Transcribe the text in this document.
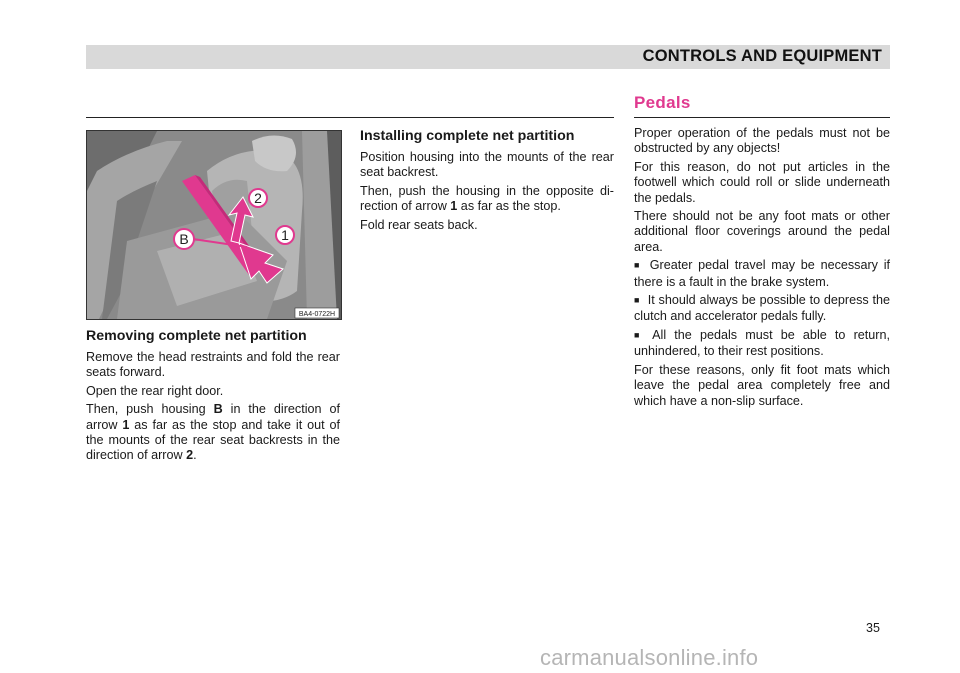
CONTROLS AND EQUIPMENT
B	1
2
BA4-0722H
Removing complete net partition

Remove the head restraints and fold the rear seats forward.

Open the rear right door.

Then, push housing B in the direction of arrow 1 as far as the stop and take it out of the mounts of the rear seat backrests in the direction of arrow 2.

Installing complete net partition

Position housing into the mounts of the rear seat backrest.

Then, push the housing in the opposite di-rection of arrow 1 as far as the stop.

Fold rear seats back.

Pedals

Proper operation of the pedals must not be obstructed by any objects!

For this reason, do not put articles in the footwell which could roll or slide underneath the pedals.

There should not be any foot mats or other additional floor coverings around the pedal area.

■ Greater pedal travel may be necessary if there is a fault in the brake system.

■ It should always be possible to depress the clutch and accelerator pedals fully.

■ All the pedals must be able to return, unhindered, to their rest positions.

For these reasons, only fit foot mats which leave the pedal area completely free and which have a non-slip surface.

35
carmanualsonline.info
